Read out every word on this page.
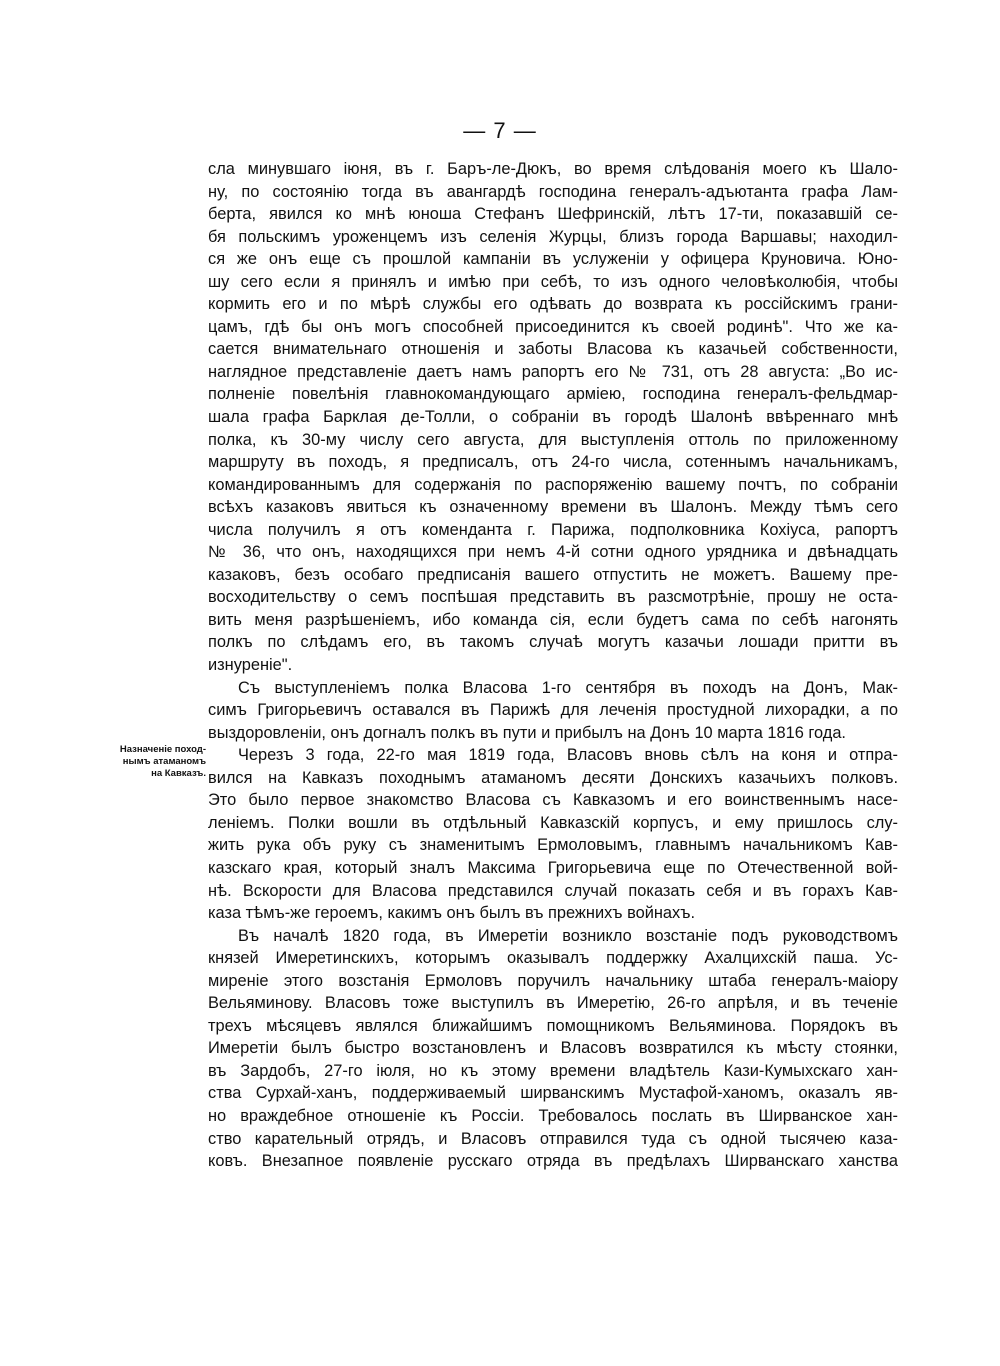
— 7 —
Назначеніе поход-
нымъ атаманомъ
на Кавказъ.
сла минувшаго іюня, въ г. Баръ-ле-Дюкъ, во время слѣдованія моего къ Шало-
ну, по состоянію тогда въ авангардѣ господина генералъ-адъютанта графа Лам-
берта, явился ко мнѣ юноша Стефанъ Шефринскій, лѣтъ 17-ти, показавшій се-
бя польскимъ уроженцемъ изъ селенія Журцы, близъ города Варшавы; находил-
ся же онъ еще съ прошлой кампаніи въ услуженіи у офицера Круновича. Юно-
шу сего если я принялъ и имѣю при себѣ, то изъ одного человѣколюбія, чтобы
кормить его и по мѣрѣ службы его одѣвать до возврата къ россійскимъ грани-
цамъ, гдѣ бы онъ могъ способней присоединится къ своей родинѣ". Что же ка-
сается внимательнаго отношенія и заботы Власова къ казачьей собственности,
наглядное представленіе даетъ намъ рапортъ его № 731, отъ 28 августа: „Во ис-
полненіе повелѣнія главнокомандующаго арміею, господина генералъ-фельдмар-
шала графа Барклая де-Толли, о собраніи въ городѣ Шалонѣ ввѣреннаго мнѣ
полка, къ 30-му числу сего августа, для выступленія оттоль по приложенному
маршруту въ походъ, я предписалъ, отъ 24-го числа, сотеннымъ начальникамъ,
командированнымъ для содержанія по распоряженію вашему почтъ, по собраніи
всѣхъ казаковъ явиться къ означенному времени въ Шалонъ. Между тѣмъ сего
числа получилъ я отъ коменданта г. Парижа, подполковника Кохіуса, рапортъ
№ 36, что онъ, находящихся при немъ 4-й сотни одного урядника и двѣнадцать
казаковъ, безъ особаго предписанія вашего отпустить не можетъ. Вашему пре-
восходительству о семъ поспѣшая представить въ разсмотрѣніе, прошу не оста-
вить меня разрѣшеніемъ, ибо команда сія, если будетъ сама по себѣ нагонять
полкъ по слѣдамъ его, въ такомъ случаѣ могутъ казачьи лошади притти въ
изнуреніе".
Съ выступленіемъ полка Власова 1-го сентября въ походъ на Донъ, Мак-
симъ Григорьевичъ оставался въ Парижѣ для леченія простудной лихорадки, а по
выздоровленіи, онъ догналъ полкъ въ пути и прибылъ на Донъ 10 марта 1816 года.
Черезъ 3 года, 22-го мая 1819 года, Власовъ вновь сѣлъ на коня и отпра-
вился на Кавказъ походнымъ атаманомъ десяти Донскихъ казачьихъ полковъ.
Это было первое знакомство Власова съ Кавказомъ и его воинственнымъ насе-
леніемъ. Полки вошли въ отдѣльный Кавказскій корпусъ, и ему пришлось слу-
жить рука объ руку съ знаменитымъ Ермоловымъ, главнымъ начальникомъ Кав-
казскаго края, который зналъ Максима Григорьевича еще по Отечественной вой-
нѣ. Вскорости для Власова представился случай показать себя и въ горахъ Кав-
каза тѣмъ-же героемъ, какимъ онъ былъ въ прежнихъ войнахъ.
Въ началѣ 1820 года, въ Имеретіи возникло возстаніе подъ руководствомъ
князей Имеретинскихъ, которымъ оказывалъ поддержку Ахалцихскій паша. Ус-
миреніе этого возстанія Ермоловъ поручилъ начальнику штаба генералъ-маіору
Вельяминову. Власовъ тоже выступилъ въ Имеретію, 26-го апрѣля, и въ теченіе
трехъ мѣсяцевъ являлся ближайшимъ помощникомъ Вельяминова. Порядокъ въ
Имеретіи былъ быстро возстановленъ и Власовъ возвратился къ мѣсту стоянки,
въ Зардобъ, 27-го іюля, но къ этому времени владѣтель Кази-Кумыхскаго хан-
ства Сурхай-ханъ, поддерживаемый ширванскимъ Мустафой-ханомъ, оказалъ яв-
но враждебное отношеніе къ Россіи. Требовалось послать въ Ширванское хан-
ство карательный отрядъ, и Власовъ отправился туда съ одной тысячею каза-
ковъ. Внезапное появленіе русскаго отряда въ предѣлахъ Ширванскаго ханства
